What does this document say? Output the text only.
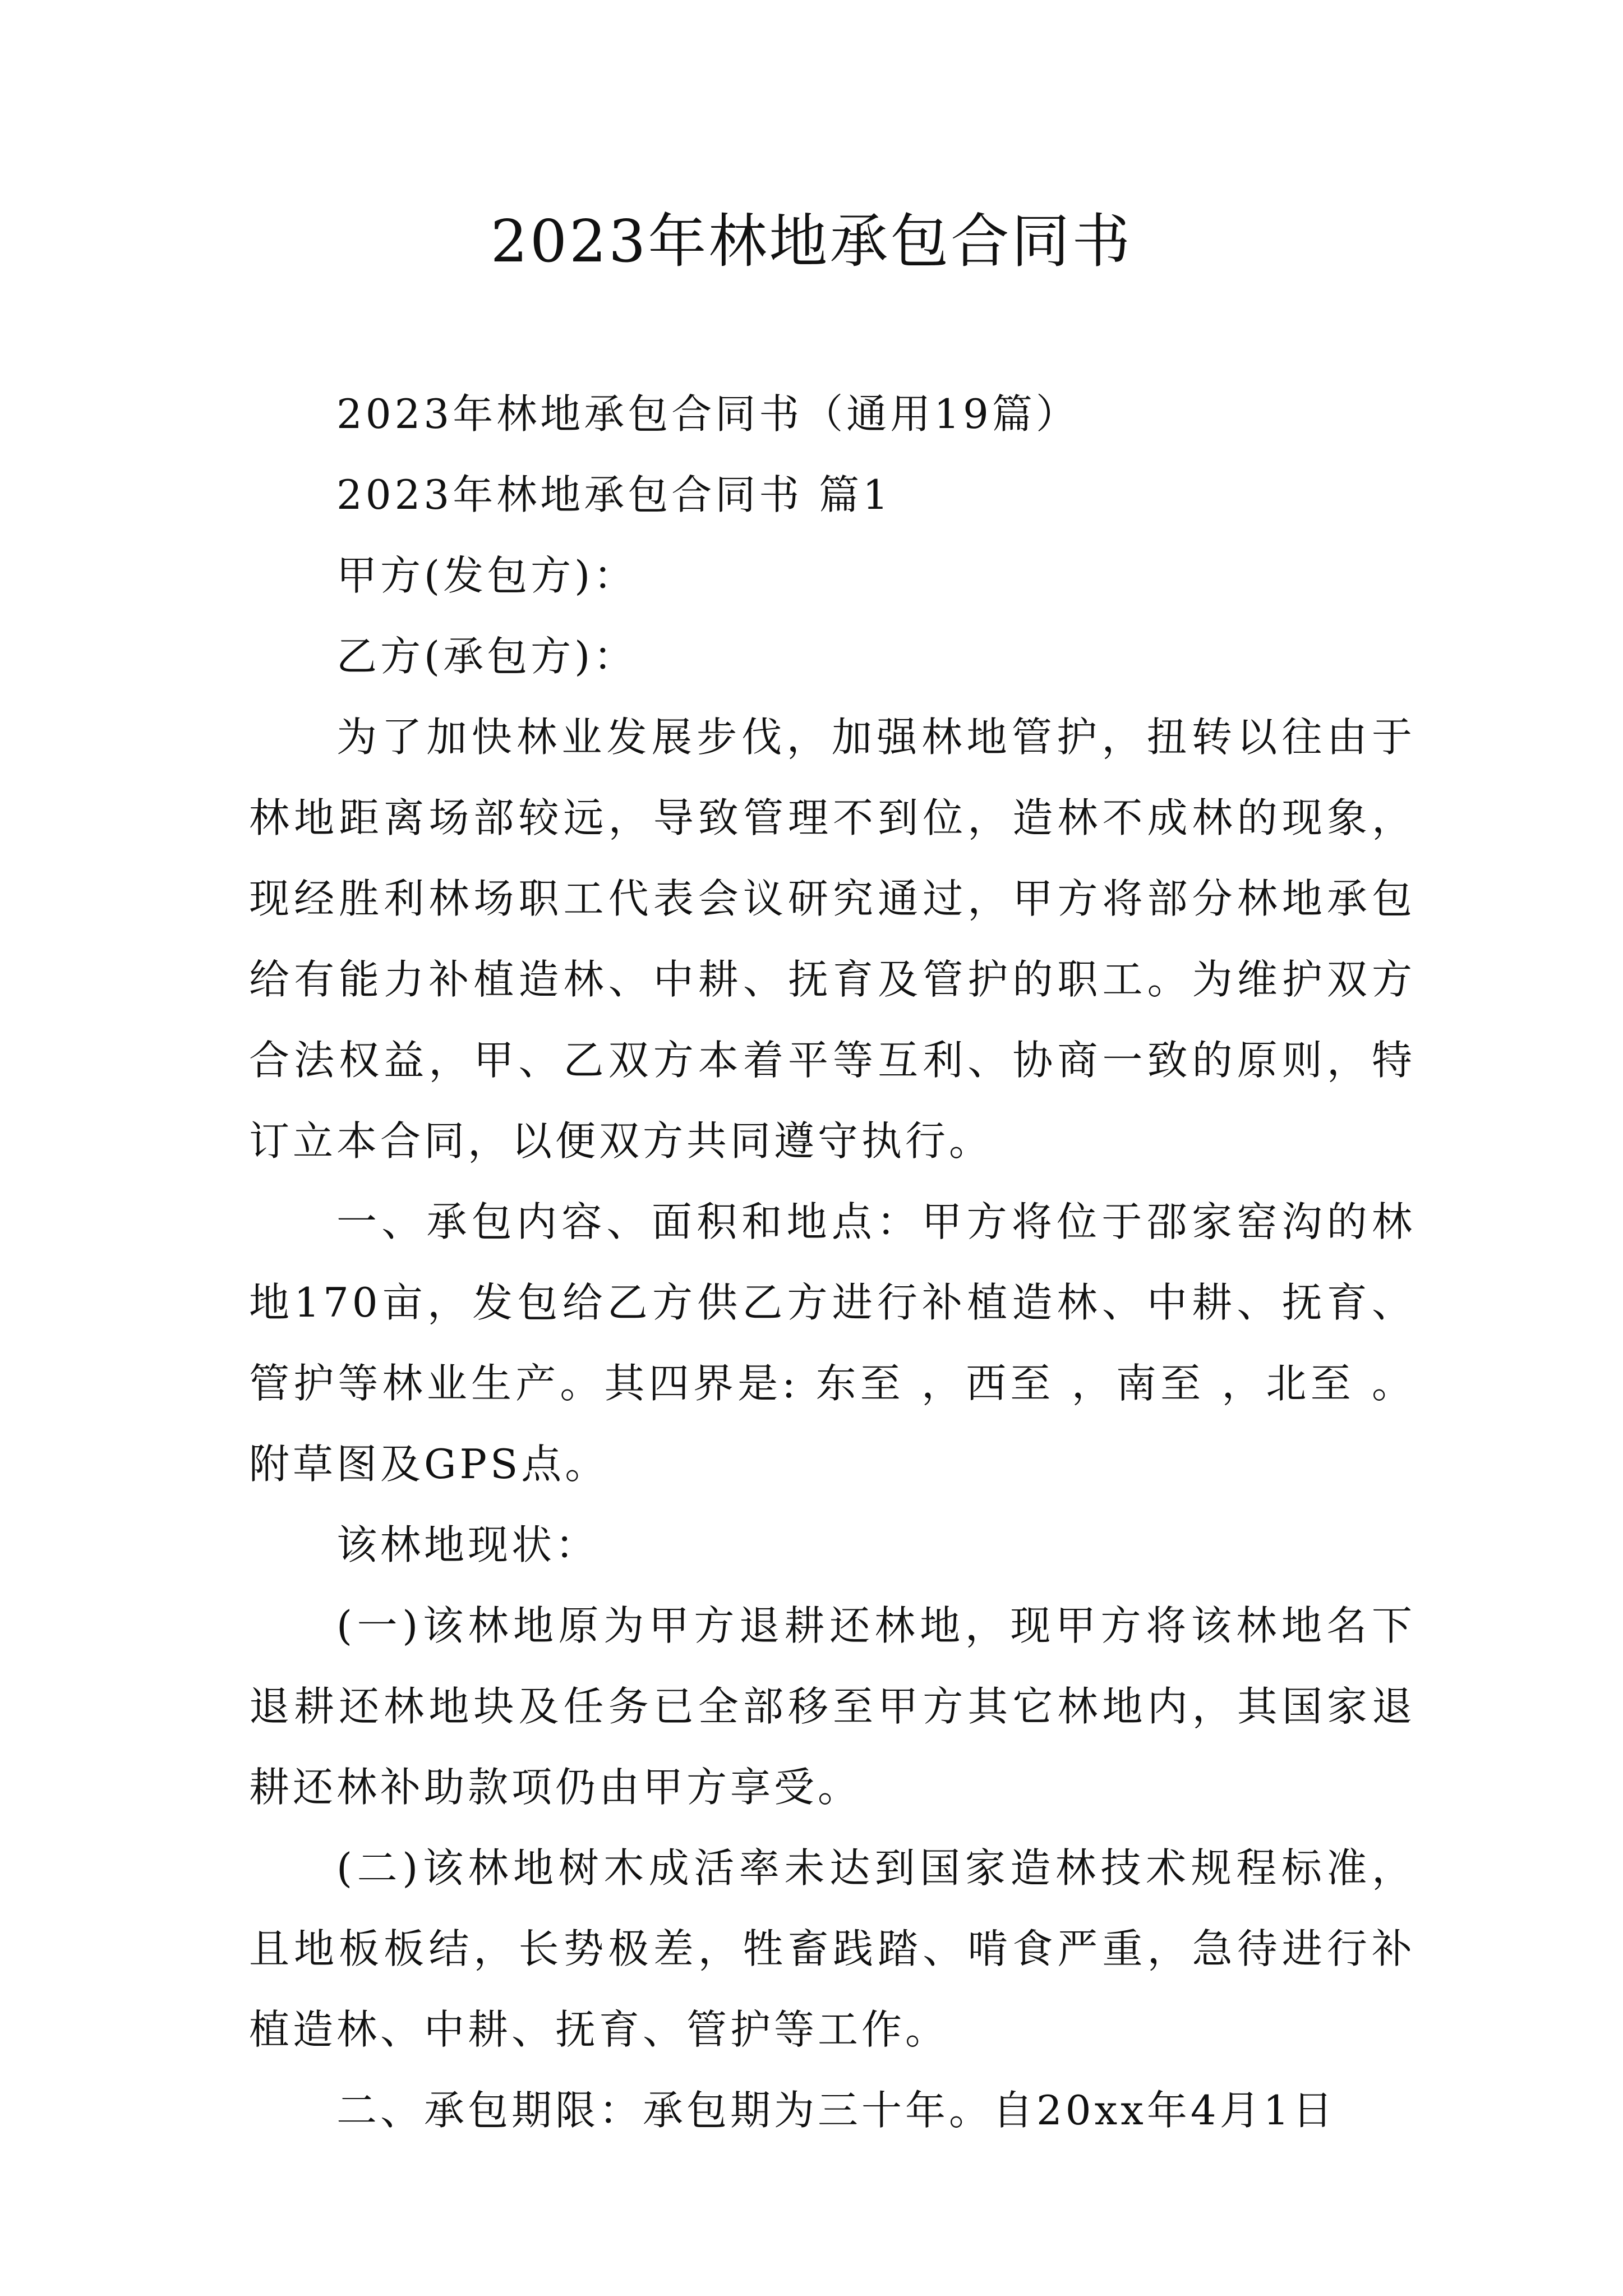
2023年林地承包合同书

2023年林地承包合同书（通用19篇）

2023年林地承包合同书 篇1

甲方(发包方)：

乙方(承包方)：

为了加快林业发展步伐，加强林地管护，扭转以往由于林地距离场部较远，导致管理不到位，造林不成林的现象，现经胜利林场职工代表会议研究通过，甲方将部分林地承包给有能力补植造林、中耕、抚育及管护的职工。为维护双方合法权益，甲、乙双方本着平等互利、协商一致的原则，特订立本合同，以便双方共同遵守执行。

一、承包内容、面积和地点：甲方将位于邵家窑沟的林地170亩，发包给乙方供乙方进行补植造林、中耕、抚育、管护等林业生产。其四界是: 东至 ，西至 ，南至 ，北至 。附草图及GPS点。

该林地现状：

(一)该林地原为甲方退耕还林地，现甲方将该林地名下退耕还林地块及任务已全部移至甲方其它林地内，其国家退耕还林补助款项仍由甲方享受。

(二)该林地树木成活率未达到国家造林技术规程标准，且地板板结，长势极差，牲畜践踏、啃食严重，急待进行补植造林、中耕、抚育、管护等工作。

二、承包期限：承包期为三十年。自20xx年4月1日
